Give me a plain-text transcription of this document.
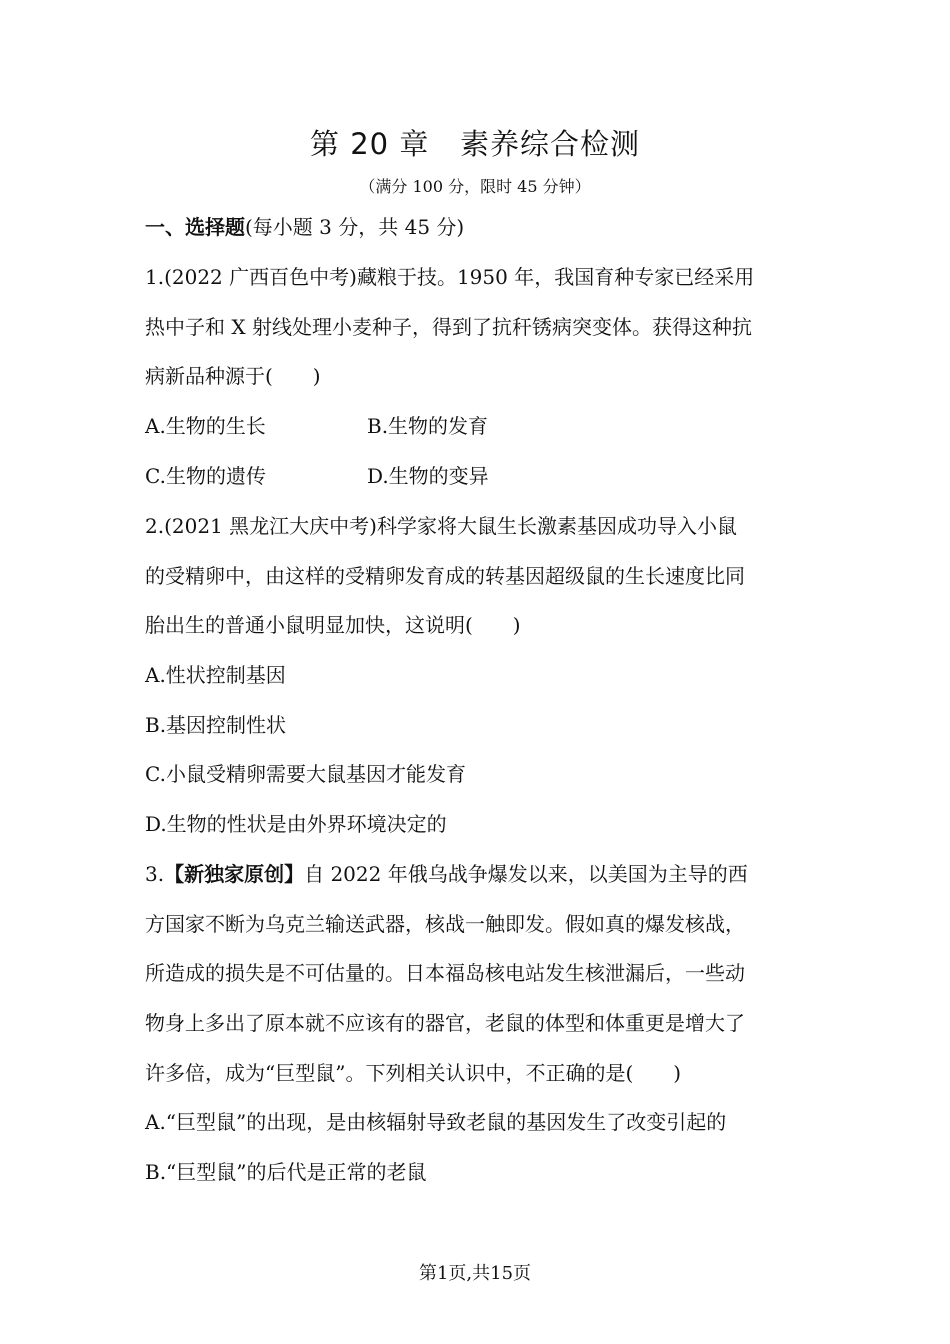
第 20 章   素养综合检测
（满分 100 分，限时 45 分钟）
一、选择题(每小题 3 分，共 45 分)
1.(2022 广西百色中考)藏粮于技。1950 年，我国育种专家已经采用
热中子和 X 射线处理小麦种子，得到了抗秆锈病突变体。获得这种抗
病新品种源于(　　)
A.生物的生长	B.生物的发育
C.生物的遗传	D.生物的变异
2.(2021 黑龙江大庆中考)科学家将大鼠生长激素基因成功导入小鼠
的受精卵中，由这样的受精卵发育成的转基因超级鼠的生长速度比同
胎出生的普通小鼠明显加快，这说明(　　)
A.性状控制基因
B.基因控制性状
C.小鼠受精卵需要大鼠基因才能发育
D.生物的性状是由外界环境决定的
3.【新独家原创】自 2022 年俄乌战争爆发以来，以美国为主导的西
方国家不断为乌克兰输送武器，核战一触即发。假如真的爆发核战，
所造成的损失是不可估量的。日本福岛核电站发生核泄漏后，一些动
物身上多出了原本就不应该有的器官，老鼠的体型和体重更是增大了
许多倍，成为“巨型鼠”。下列相关认识中，不正确的是(　　)
A.“巨型鼠”的出现，是由核辐射导致老鼠的基因发生了改变引起的
B.“巨型鼠”的后代是正常的老鼠
第1页,共15页
